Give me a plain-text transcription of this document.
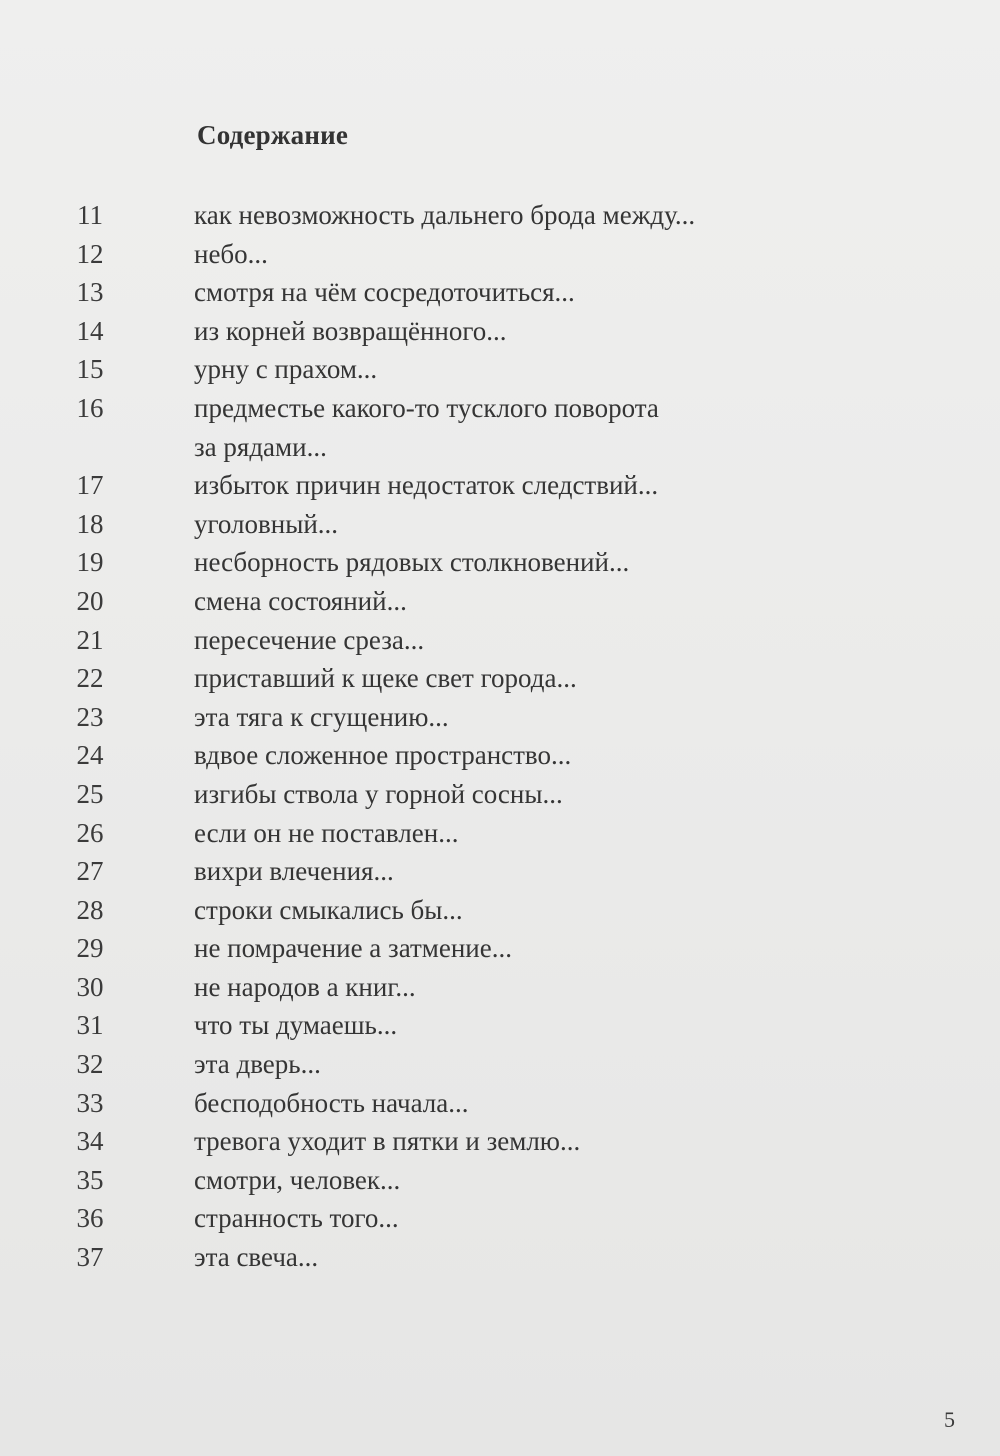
Содержание
11	как невозможность дальнего брода между...
12	небо...
13	смотря на чём сосредоточиться...
14	из корней возвращённого...
15	урну с прахом...
16	предместье какого-то тусклого поворота
за рядами...
17	избыток причин недостаток следствий...
18	уголовный...
19	несборность рядовых столкновений...
20	смена состояний...
21	пересечение среза...
22	приставший к щеке свет города...
23	эта тяга к сгущению...
24	вдвое сложенное пространство...
25	изгибы ствола у горной сосны...
26	если он не поставлен...
27	вихри влечения...
28	строки смыкались бы...
29	не помрачение а затмение...
30	не народов а книг...
31	что ты думаешь...
32	эта дверь...
33	бесподобность начала...
34	тревога уходит в пятки и землю...
35	смотри, человек...
36	странность того...
37	эта свеча...
5
